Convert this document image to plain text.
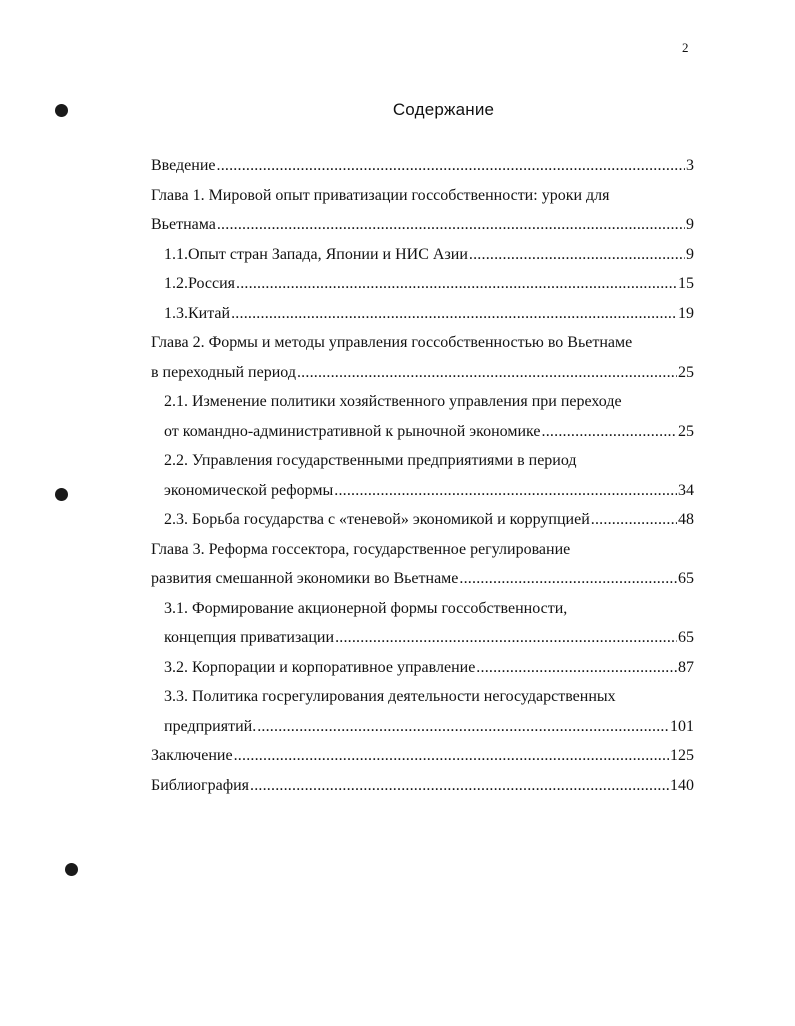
2
Содержание
Введение .....	3
Глава 1. Мировой опыт приватизации госсобственности: уроки для
Вьетнама .....	9
1.1. Опыт стран Запада, Японии и НИС Азии .....	9
1.2. Россия .....	15
1.3. Китай .....	19
Глава 2. Формы и методы управления госсобственностью во Вьетнаме
в переходный период .....	25
2.1. Изменение политики хозяйственного управления при переходе
от командно-административной к рыночной экономике .....	25
2.2. Управления государственными предприятиями в период
экономической реформы .....	34
2.3. Борьба государства с «теневой» экономикой и коррупцией .....	48
Глава 3. Реформа госсектора, государственное регулирование
развития смешанной экономики во Вьетнаме .....	65
3.1. Формирование акционерной формы госсобственности,
концепция приватизации .....	65
3.2. Корпорации и корпоративное управление .....	87
3.3. Политика госрегулирования деятельности негосударственных
предприятий. .....	101
Заключение .....	125
Библиография .....	140
